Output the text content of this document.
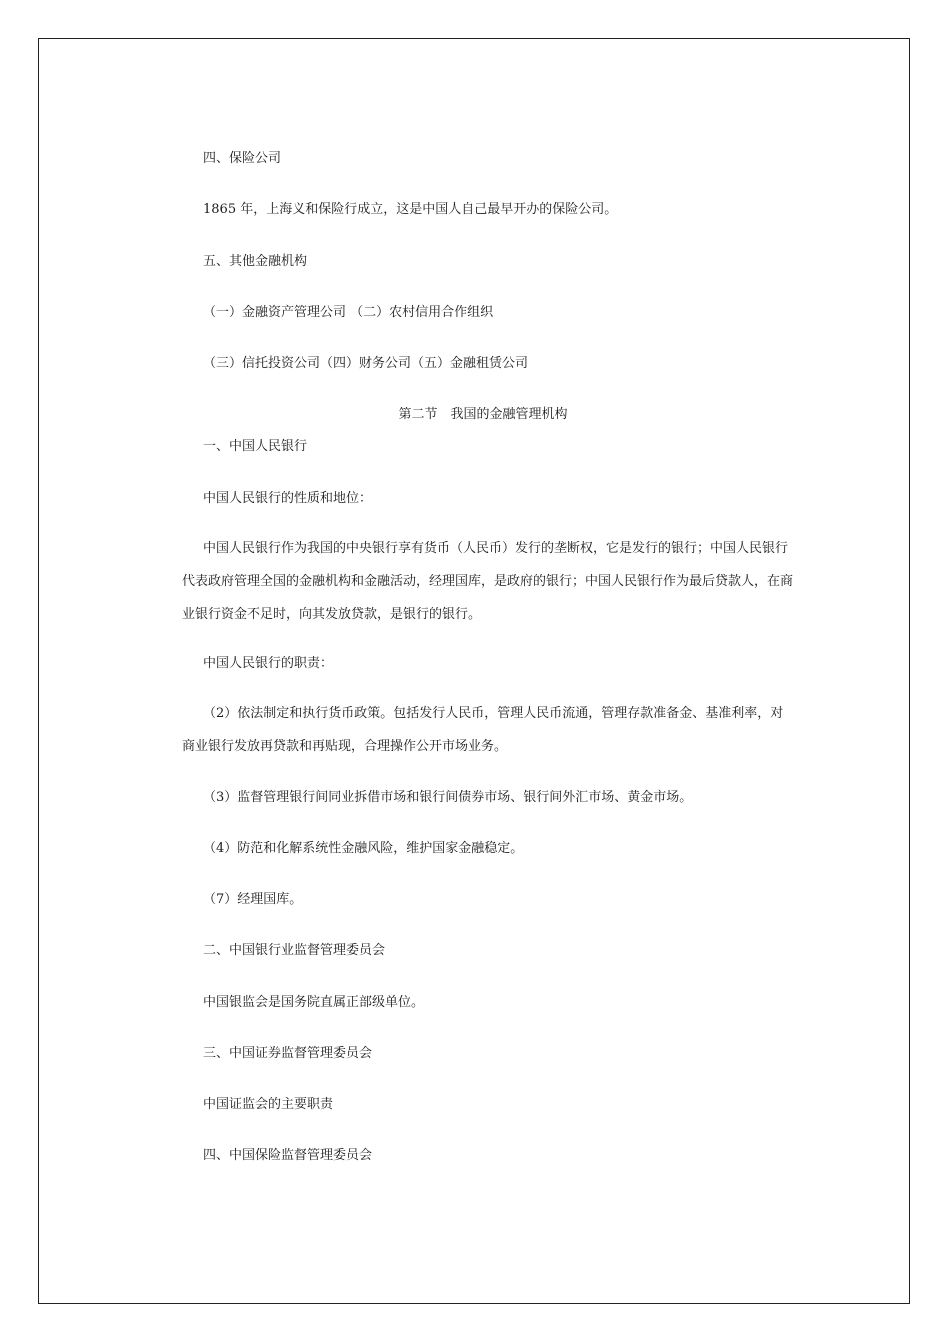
四、保险公司
1865 年，上海义和保险行成立，这是中国人自己最早开办的保险公司。
五、其他金融机构
（一）金融资产管理公司 （二）农村信用合作组织
（三）信托投资公司（四）财务公司（五）金融租赁公司
第二节　我国的金融管理机构
一、中国人民银行
中国人民银行的性质和地位：
中国人民银行作为我国的中央银行享有货币（人民币）发行的垄断权，它是发行的银行；中国人民银行代表政府管理全国的金融机构和金融活动，经理国库，是政府的银行；中国人民银行作为最后贷款人，在商业银行资金不足时，向其发放贷款，是银行的银行。
中国人民银行的职责：
（2）依法制定和执行货币政策。包括发行人民币，管理人民币流通，管理存款准备金、基准利率，对商业银行发放再贷款和再贴现，合理操作公开市场业务。
（3）监督管理银行间同业拆借市场和银行间债券市场、银行间外汇市场、黄金市场。
（4）防范和化解系统性金融风险，维护国家金融稳定。
（7）经理国库。
二、中国银行业监督管理委员会
中国银监会是国务院直属正部级单位。
三、中国证券监督管理委员会
中国证监会的主要职责
四、中国保险监督管理委员会
